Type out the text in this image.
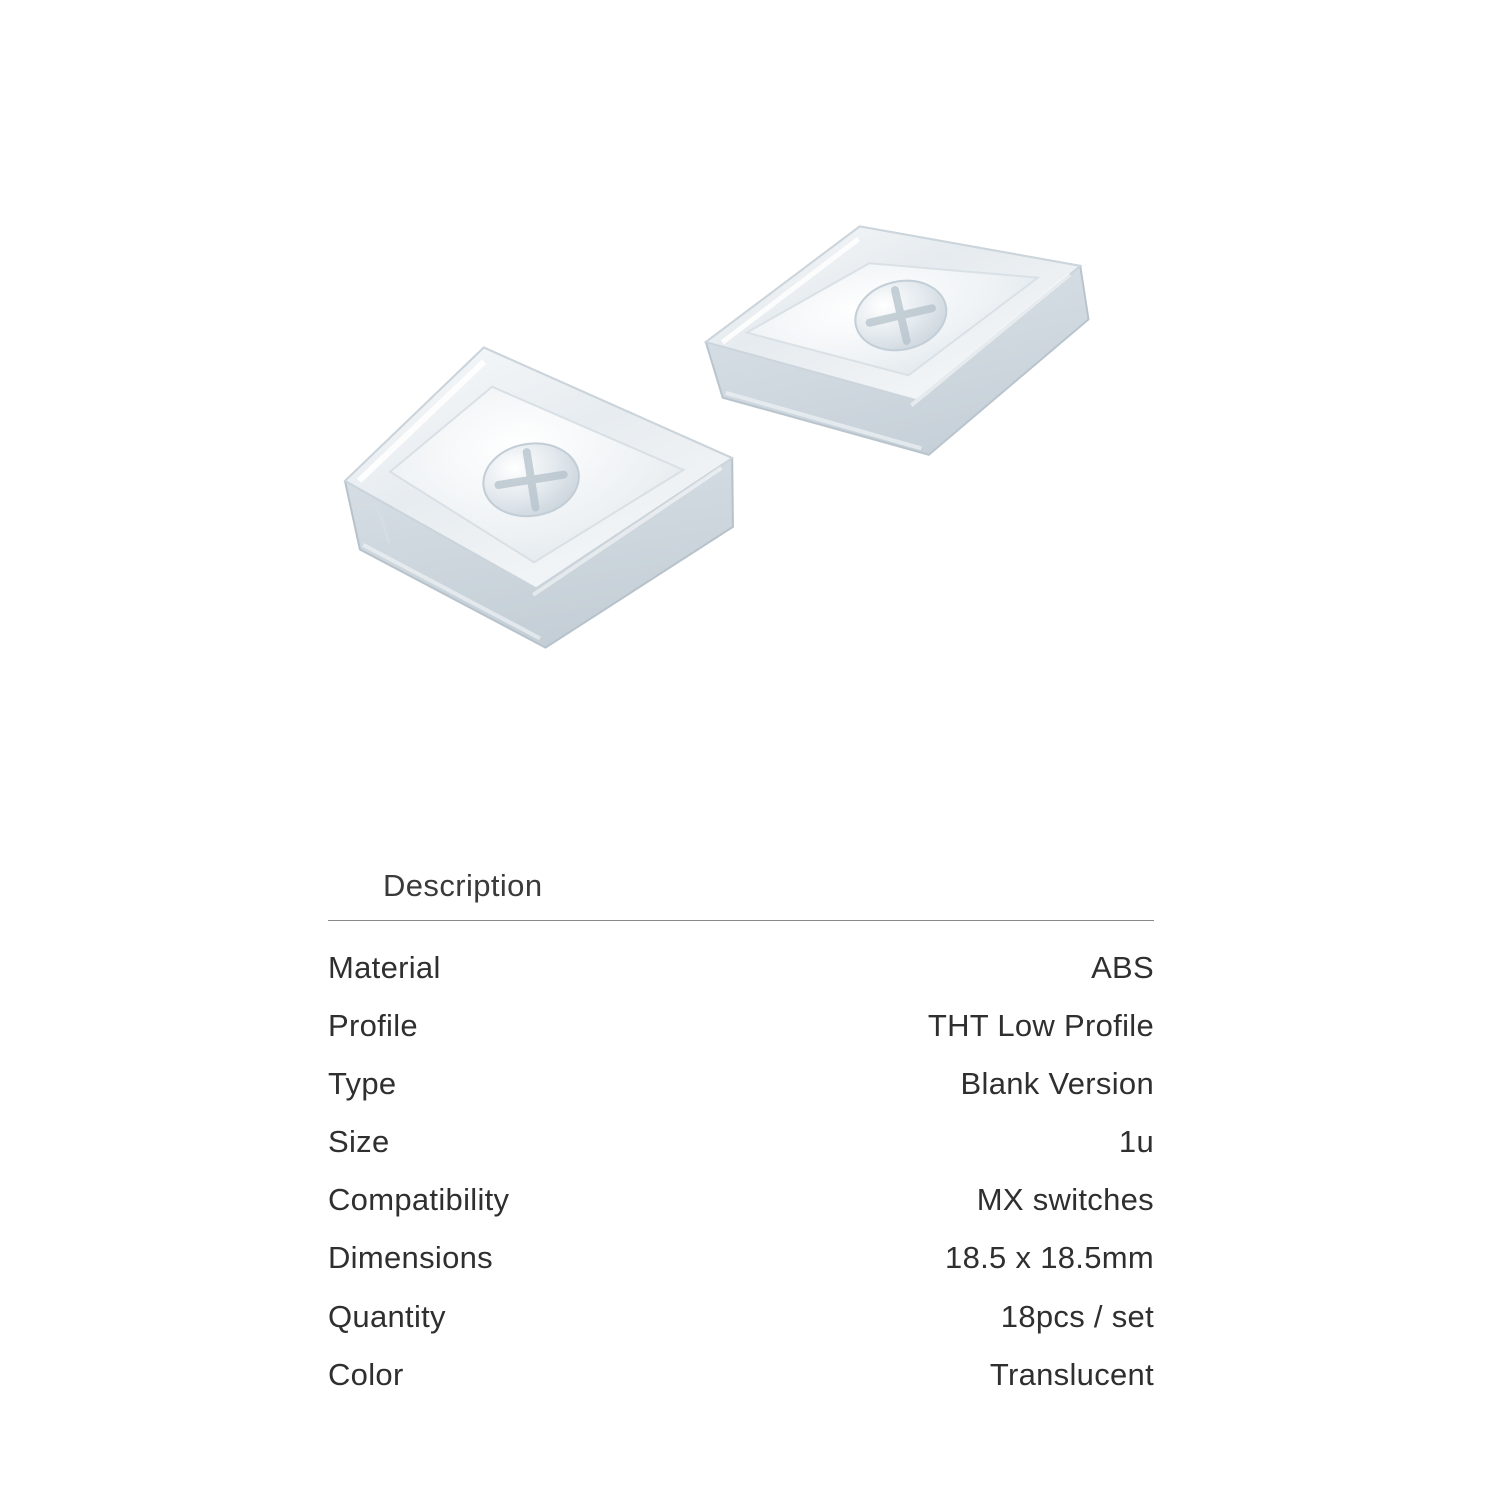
Description
Material	ABS
Profile	THT Low Profile
Type	Blank Version
Size	1u
Compatibility	MX switches
Dimensions	18.5 x 18.5mm
Quantity	18pcs / set
Color	Translucent
